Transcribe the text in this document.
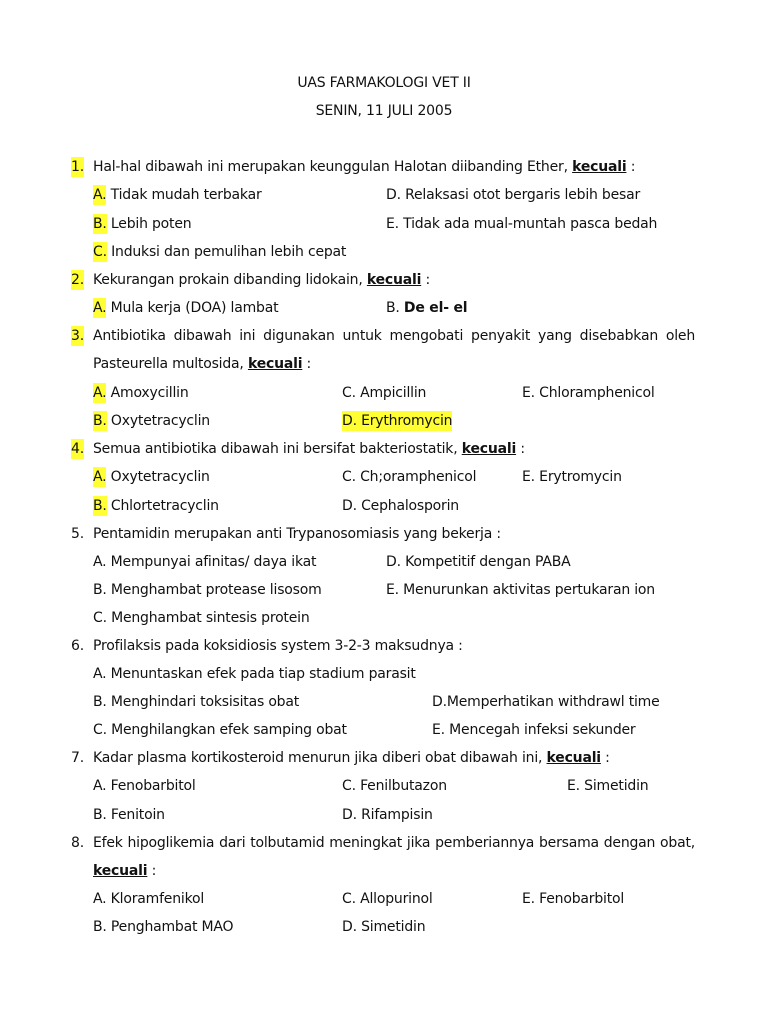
UAS FARMAKOLOGI VET II
SENIN, 11 JULI 2005
1. Hal-hal dibawah ini merupakan keunggulan Halotan diibanding Ether, kecuali :
A. Tidak mudah terbakar	D. Relaksasi otot bergaris lebih besar
B. Lebih poten	E. Tidak ada mual-muntah pasca bedah
C. Induksi dan pemulihan lebih cepat
2. Kekurangan prokain dibanding lidokain, kecuali :
A. Mula kerja (DOA) lambat	B. De el- el
3. Antibiotika dibawah ini digunakan untuk mengobati penyakit yang disebabkan oleh
Pasteurella multosida, kecuali :
A. Amoxycillin	C. Ampicillin	E. Chloramphenicol
B. Oxytetracyclin	D. Erythromycin
4. Semua antibiotika dibawah ini bersifat bakteriostatik, kecuali :
A. Oxytetracyclin	C. Ch;oramphenicol	E. Erytromycin
B. Chlortetracyclin	D. Cephalosporin
5. Pentamidin merupakan anti Trypanosomiasis yang bekerja :
A. Mempunyai afinitas/ daya ikat	D. Kompetitif dengan PABA
B. Menghambat protease lisosom	E. Menurunkan aktivitas pertukaran ion
C. Menghambat sintesis protein
6. Profilaksis pada koksidiosis system 3-2-3 maksudnya :
A. Menuntaskan efek pada tiap stadium parasit
B. Menghindari toksisitas obat	D.Memperhatikan withdrawl time
C. Menghilangkan efek samping obat	E. Mencegah infeksi sekunder
7. Kadar plasma kortikosteroid menurun jika diberi obat dibawah ini, kecuali :
A. Fenobarbitol	C. Fenilbutazon	E. Simetidin
B. Fenitoin	D. Rifampisin
8. Efek hipoglikemia dari tolbutamid meningkat jika pemberiannya bersama dengan obat,
kecuali :
A. Kloramfenikol	C. Allopurinol	E. Fenobarbitol
B. Penghambat MAO	D. Simetidin
